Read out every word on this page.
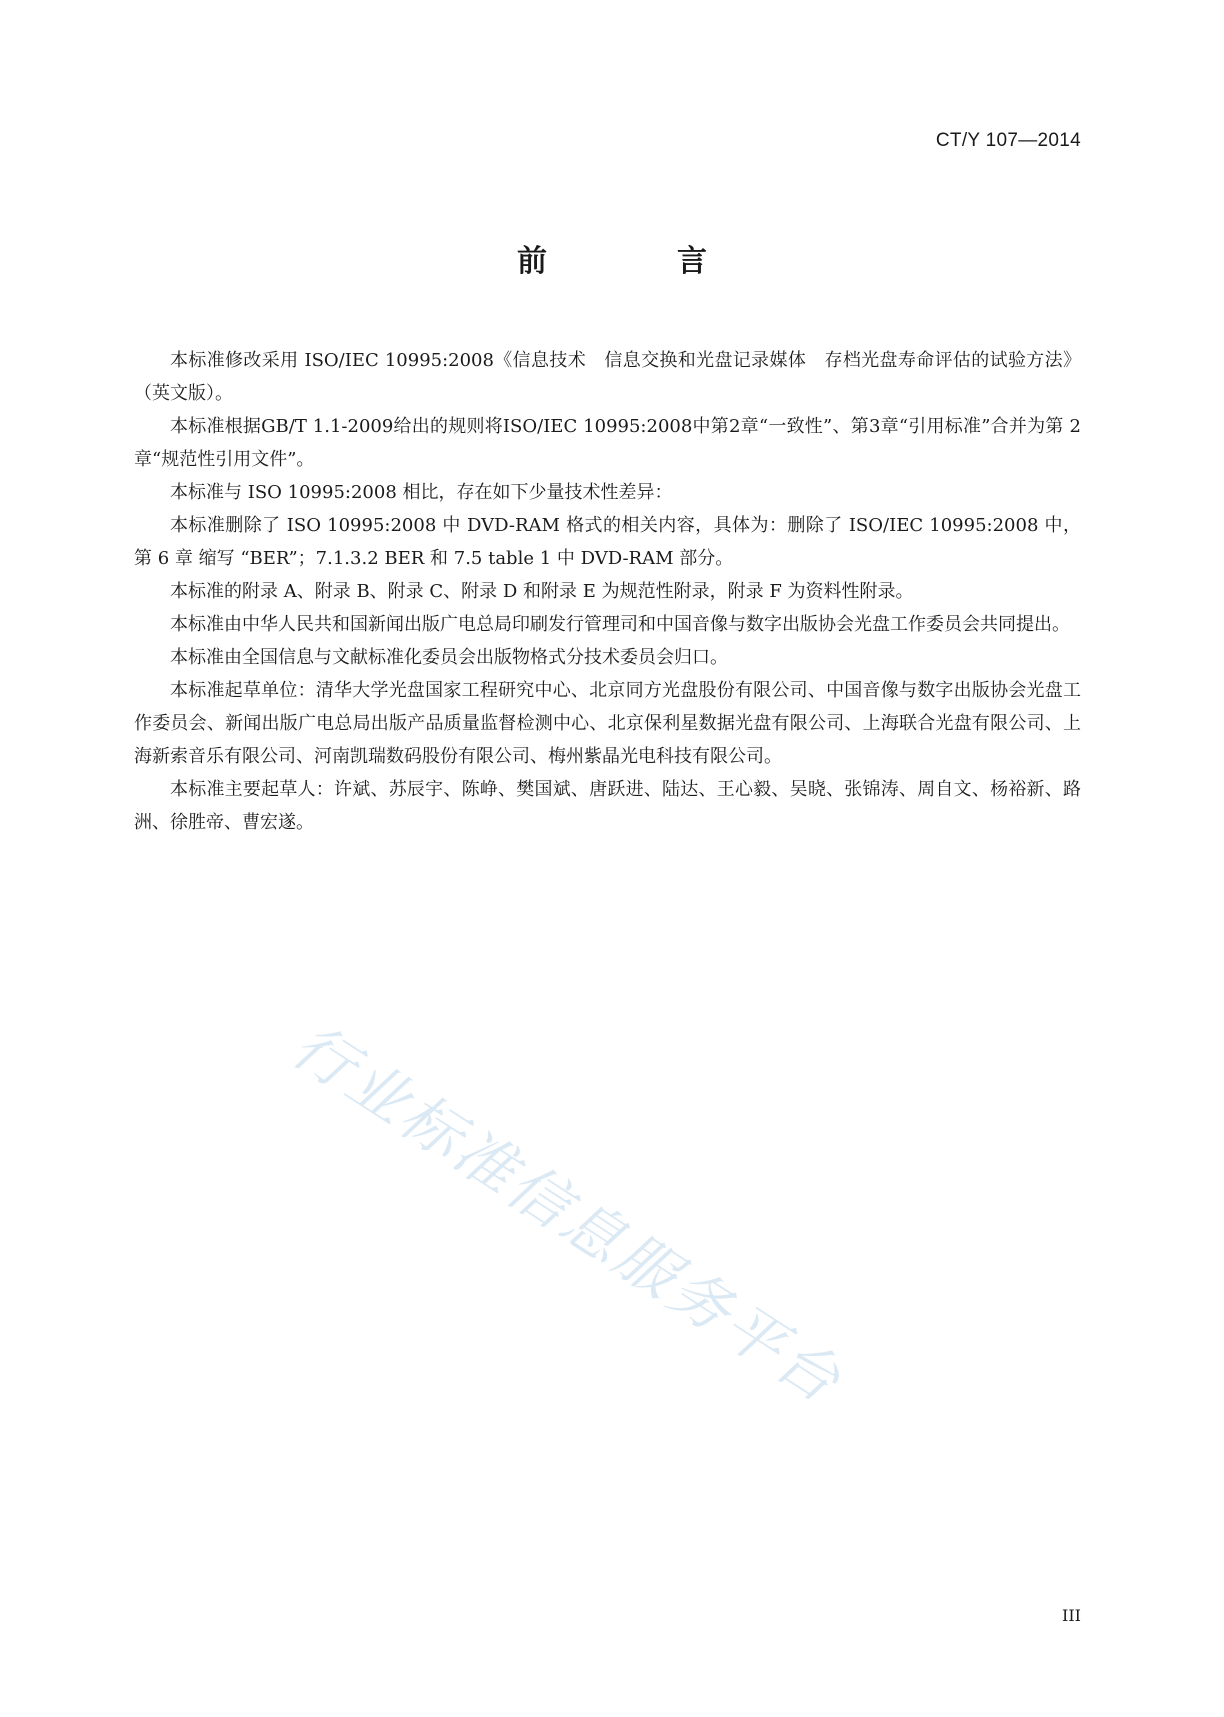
CT/Y 107—2014
前　言

本标准修改采用 ISO/IEC 10995:2008《信息技术　信息交换和光盘记录媒体　存档光盘寿命评估的试验方法》（英文版）。

本标准根据GB/T 1.1-2009给出的规则将ISO/IEC 10995:2008中第2章“一致性”、第3章“引用标准”合并为第 2 章“规范性引用文件”。

本标准与 ISO 10995:2008 相比，存在如下少量技术性差异：

本标准删除了 ISO 10995:2008 中 DVD-RAM 格式的相关内容，具体为：删除了 ISO/IEC 10995:2008 中，第 6 章 缩写 “BER”；7.1.3.2 BER 和 7.5 table 1 中 DVD-RAM 部分。

本标准的附录 A、附录 B、附录 C、附录 D 和附录 E 为规范性附录，附录 F 为资料性附录。

本标准由中华人民共和国新闻出版广电总局印刷发行管理司和中国音像与数字出版协会光盘工作委员会共同提出。

本标准由全国信息与文献标准化委员会出版物格式分技术委员会归口。

本标准起草单位：清华大学光盘国家工程研究中心、北京同方光盘股份有限公司、中国音像与数字出版协会光盘工作委员会、新闻出版广电总局出版产品质量监督检测中心、北京保利星数据光盘有限公司、上海联合光盘有限公司、上海新索音乐有限公司、河南凯瑞数码股份有限公司、梅州紫晶光电科技有限公司。

本标准主要起草人：许斌、苏辰宇、陈峥、樊国斌、唐跃进、陆达、王心毅、吴晓、张锦涛、周自文、杨裕新、路洲、徐胜帝、曹宏遂。

行业标准信息服务平台
III
